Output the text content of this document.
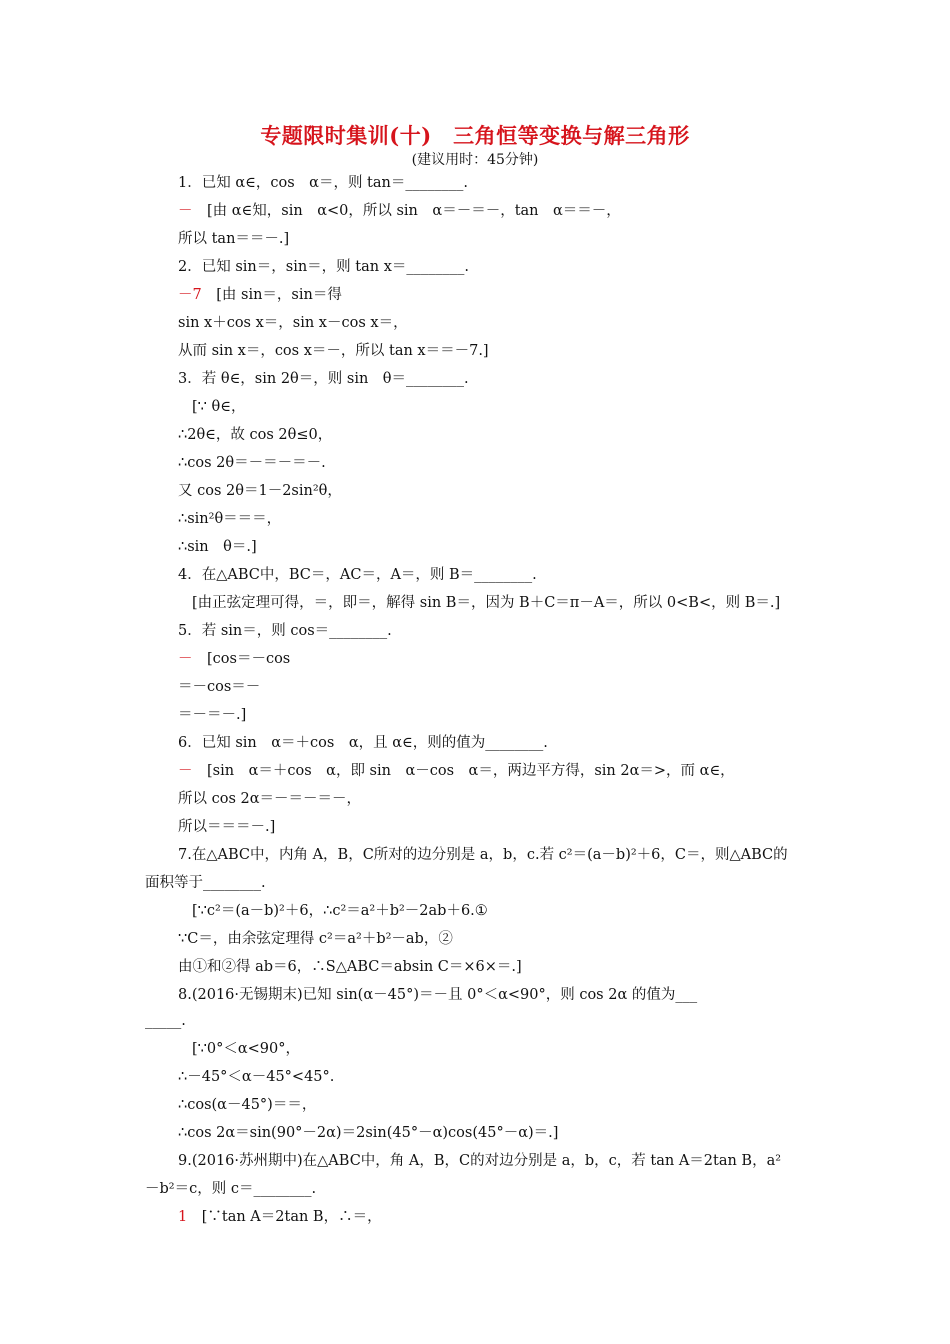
专题限时集训(十)　三角恒等变换与解三角形
(建议用时：45分钟)
1．已知 α∈，cos　α＝，则 tan＝________.
－　[由 α∈知，sin　α<0，所以 sin　α＝－＝－，tan　α＝＝－，
所以 tan＝＝－.]
2．已知 sin＝，sin＝，则 tan x＝________.
－7　[由 sin＝，sin＝得
sin x＋cos x＝，sin x－cos x＝，
从而 sin x＝，cos x＝－，所以 tan x＝＝－7.]
3．若 θ∈，sin 2θ＝，则 sin　θ＝________.
[∵ θ∈，
∴2θ∈，故 cos 2θ≤0，
∴cos 2θ＝－＝－＝－.
又 cos 2θ＝1－2sin²θ，
∴sin²θ＝＝＝，
∴sin　θ＝.]
4．在△ABC中，BC＝，AC＝，A＝，则 B＝________.
[由正弦定理可得，＝，即＝，解得 sin B＝，因为 B＋C＝π－A＝，所以 0<B<，则 B＝.]
5．若 sin＝，则 cos＝________.
－　[cos＝－cos
＝－cos＝－
＝－＝－.]
6．已知 sin　α＝＋cos　α，且 α∈，则的值为________.
－　[sin　α＝＋cos　α，即 sin　α－cos　α＝，两边平方得，sin 2α＝>，而 α∈，
所以 cos 2α＝－＝－＝－，
所以＝＝＝－.]
7.在△ABC中，内角 A，B，C所对的边分别是 a，b，c.若 c²＝(a－b)²＋6，C＝，则△ABC的
面积等于________.
[∵c²＝(a－b)²＋6，∴c²＝a²＋b²－2ab＋6.①
∵C＝，由余弦定理得 c²＝a²＋b²－ab，②
由①和②得 ab＝6，∴S△ABC＝absin C＝×6×＝.]
8.(2016·无锡期末)已知 sin(α－45°)＝－且 0°＜α<90°，则 cos 2α 的值为___
_____.
[∵0°＜α<90°，
∴－45°＜α－45°<45°.
∴cos(α－45°)＝＝，
∴cos 2α＝sin(90°－2α)＝2sin(45°－α)cos(45°－α)＝.]
9.(2016·苏州期中)在△ABC中，角 A，B，C的对边分别是 a，b，c，若 tan A＝2tan B，a²
－b²＝c，则 c＝________.
1　[∵tan A＝2tan B，∴＝，
